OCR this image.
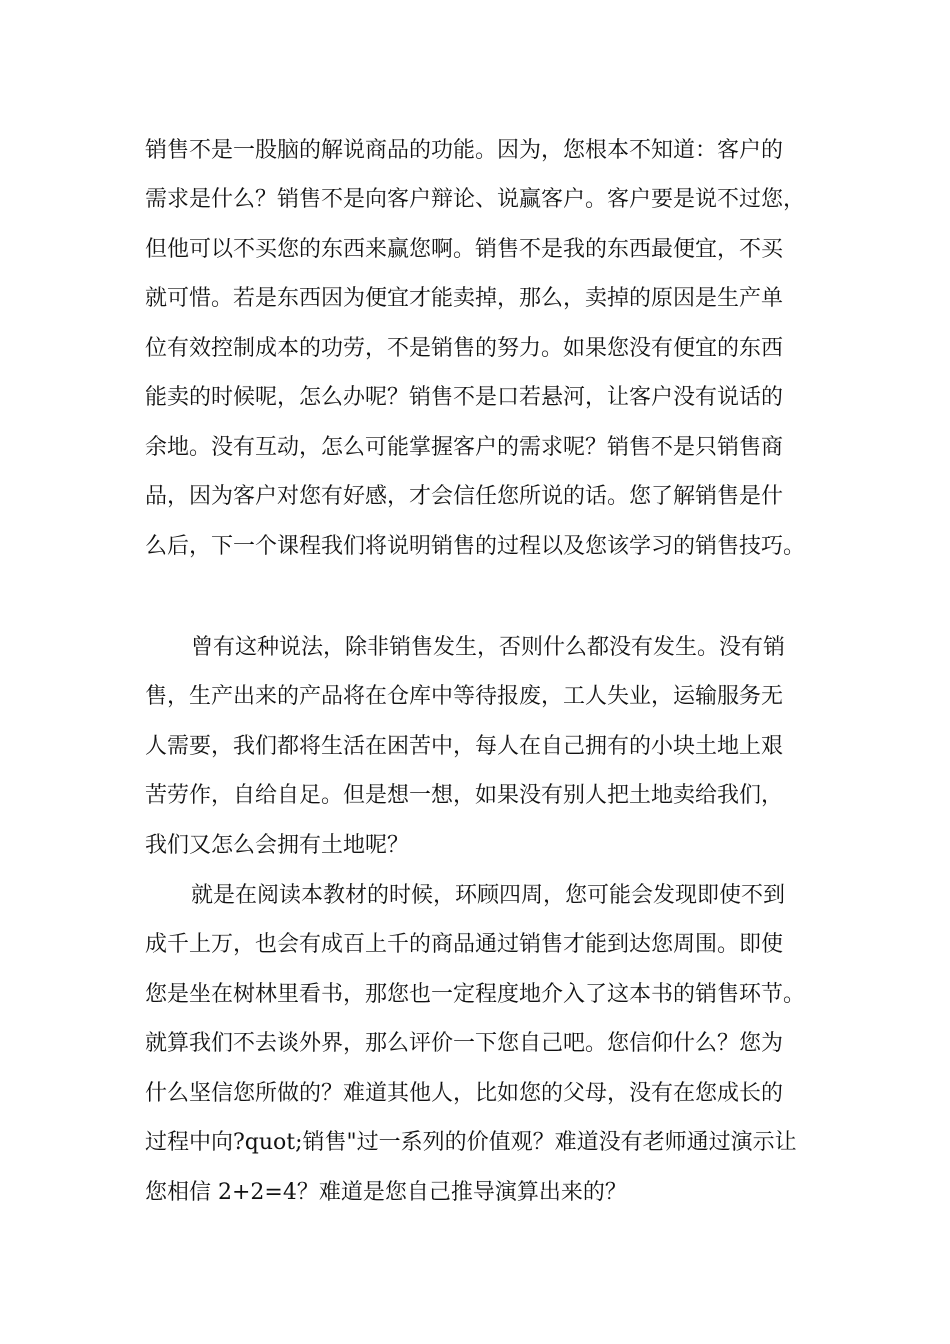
销售不是一股脑的解说商品的功能。因为，您根本不知道：客户的
需求是什么？销售不是向客户辩论、说赢客户。客户要是说不过您，
但他可以不买您的东西来赢您啊。销售不是我的东西最便宜，不买
就可惜。若是东西因为便宜才能卖掉，那么，卖掉的原因是生产单
位有效控制成本的功劳，不是销售的努力。如果您没有便宜的东西
能卖的时候呢，怎么办呢？销售不是口若悬河，让客户没有说话的
余地。没有互动，怎么可能掌握客户的需求呢？销售不是只销售商
品，因为客户对您有好感，才会信任您所说的话。您了解销售是什
么后，下一个课程我们将说明销售的过程以及您该学习的销售技巧。
曾有这种说法，除非销售发生，否则什么都没有发生。没有销
售，生产出来的产品将在仓库中等待报废，工人失业，运输服务无
人需要，我们都将生活在困苦中，每人在自己拥有的小块土地上艰
苦劳作，自给自足。但是想一想，如果没有别人把土地卖给我们，
我们又怎么会拥有土地呢？
就是在阅读本教材的时候，环顾四周，您可能会发现即使不到
成千上万，也会有成百上千的商品通过销售才能到达您周围。即使
您是坐在树林里看书，那您也一定程度地介入了这本书的销售环节。
就算我们不去谈外界，那么评价一下您自己吧。您信仰什么？您为
什么坚信您所做的？难道其他人，比如您的父母，没有在您成长的
过程中向?quot;销售"过一系列的价值观？难道没有老师通过演示让
您相信 2+2=4？难道是您自己推导演算出来的？
